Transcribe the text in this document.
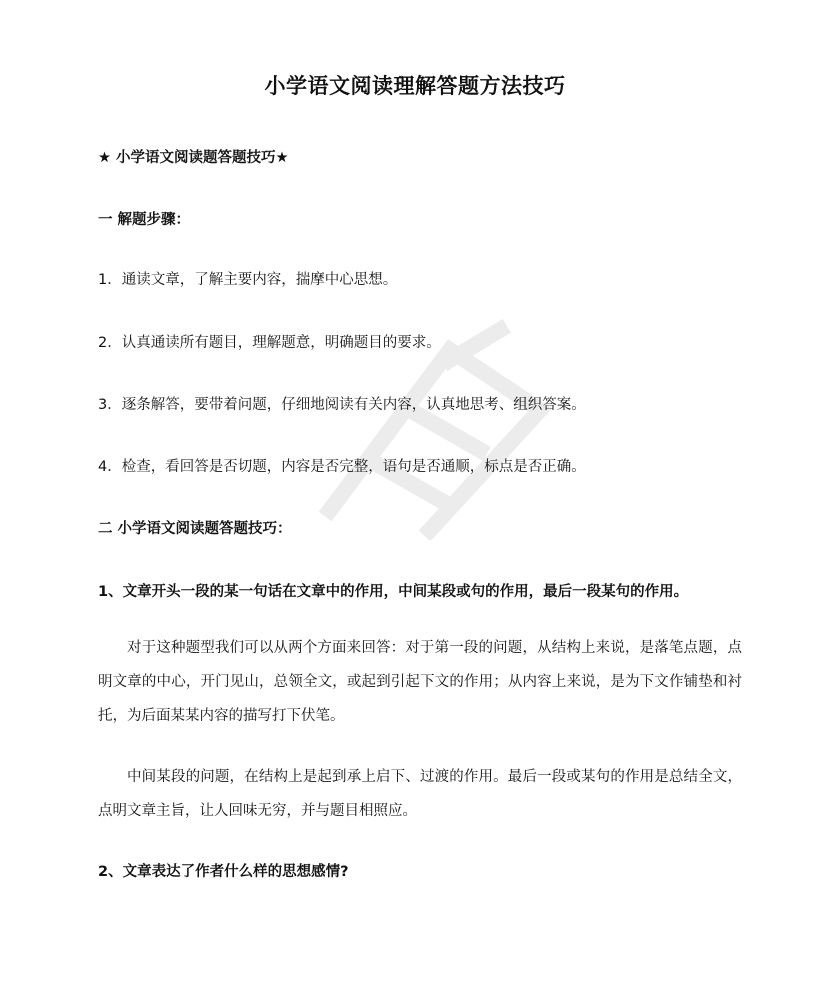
小学语文阅读理解答题方法技巧
★ 小学语文阅读题答题技巧★
一 解题步骤：
1．通读文章，了解主要内容，揣摩中心思想。
2．认真通读所有题目，理解题意，明确题目的要求。
3．逐条解答，要带着问题，仔细地阅读有关内容，认真地思考、组织答案。
4．检查，看回答是否切题，内容是否完整，语句是否通顺，标点是否正确。
二 小学语文阅读题答题技巧：
1、文章开头一段的某一句话在文章中的作用，中间某段或句的作用，最后一段某句的作用。
对于这种题型我们可以从两个方面来回答：对于第一段的问题，从结构上来说，是落笔点题，点明文章的中心，开门见山，总领全文，或起到引起下文的作用；从内容上来说，是为下文作铺垫和衬托，为后面某某内容的描写打下伏笔。
中间某段的问题，在结构上是起到承上启下、过渡的作用。最后一段或某句的作用是总结全文，点明文章主旨，让人回味无穷，并与题目相照应。
2、文章表达了作者什么样的思想感情?
